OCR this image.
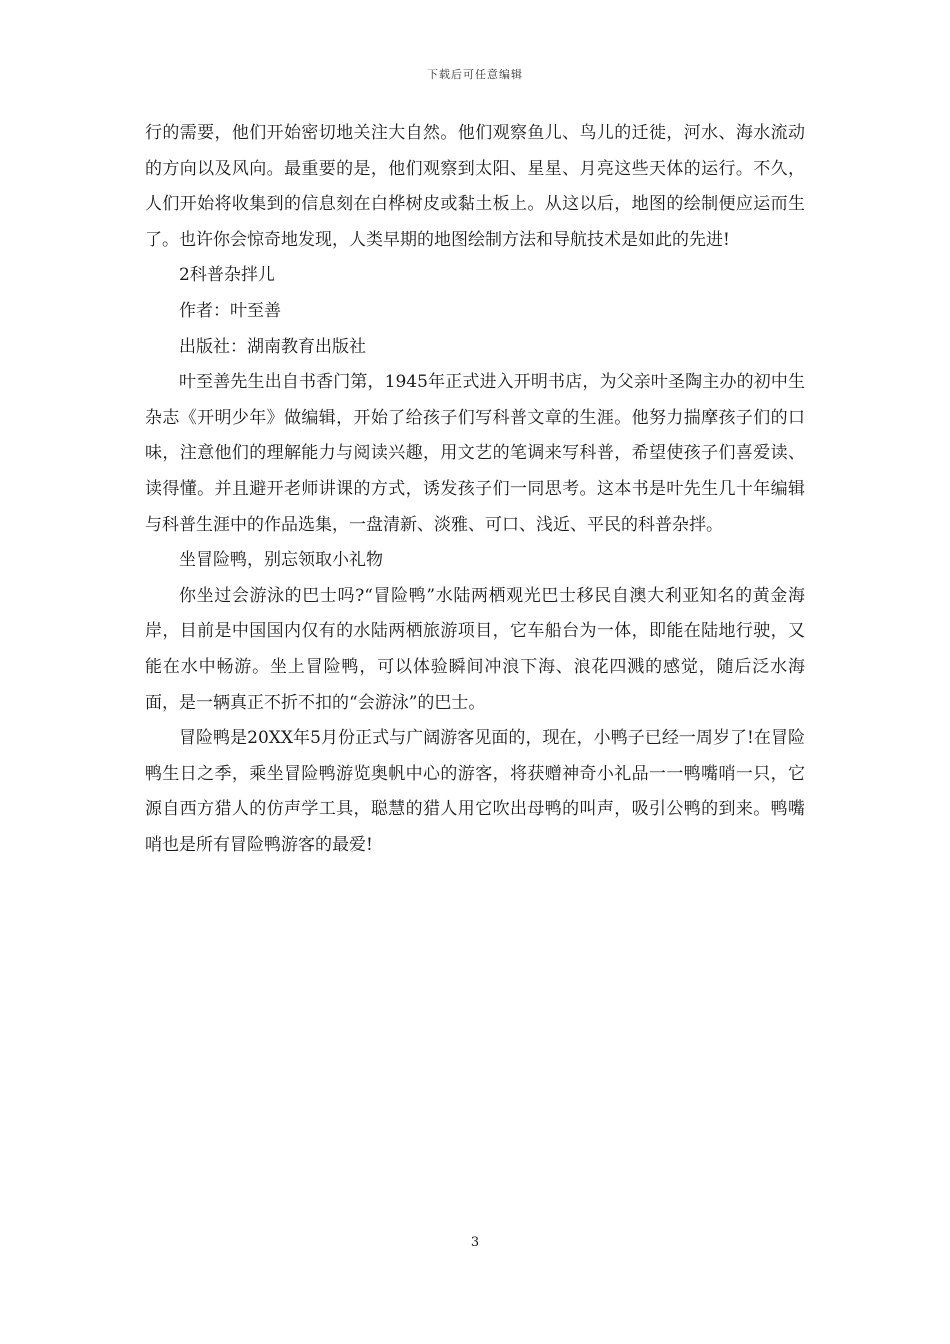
下载后可任意编辑

行的需要，他们开始密切地关注大自然。他们观察鱼儿、鸟儿的迁徙，河水、海水流动的方向以及风向。最重要的是，他们观察到太阳、星星、月亮这些天体的运行。不久，人们开始将收集到的信息刻在白桦树皮或黏土板上。从这以后，地图的绘制便应运而生了。也许你会惊奇地发现，人类早期的地图绘制方法和导航技术是如此的先进!

2科普杂拌儿

作者：叶至善

出版社：湖南教育出版社

叶至善先生出自书香门第，1945年正式进入开明书店，为父亲叶圣陶主办的初中生杂志《开明少年》做编辑，开始了给孩子们写科普文章的生涯。他努力揣摩孩子们的口味，注意他们的理解能力与阅读兴趣，用文艺的笔调来写科普，希望使孩子们喜爱读、读得懂。并且避开老师讲课的方式，诱发孩子们一同思考。这本书是叶先生几十年编辑与科普生涯中的作品选集，一盘清新、淡雅、可口、浅近、平民的科普杂拌。

坐冒险鸭，别忘领取小礼物

你坐过会游泳的巴士吗?“冒险鸭”水陆两栖观光巴士移民自澳大利亚知名的黄金海岸，目前是中国国内仅有的水陆两栖旅游项目，它车船台为一体，即能在陆地行驶，又能在水中畅游。坐上冒险鸭，可以体验瞬间冲浪下海、浪花四溅的感觉，随后泛水海面，是一辆真正不折不扣的“会游泳”的巴士。

冒险鸭是20XX年5月份正式与广阔游客见面的，现在，小鸭子已经一周岁了!在冒险鸭生日之季，乘坐冒险鸭游览奥帆中心的游客，将获赠神奇小礼品一一鸭嘴哨一只，它源自西方猎人的仿声学工具，聪慧的猎人用它吹出母鸭的叫声，吸引公鸭的到来。鸭嘴哨也是所有冒险鸭游客的最爱!

3
